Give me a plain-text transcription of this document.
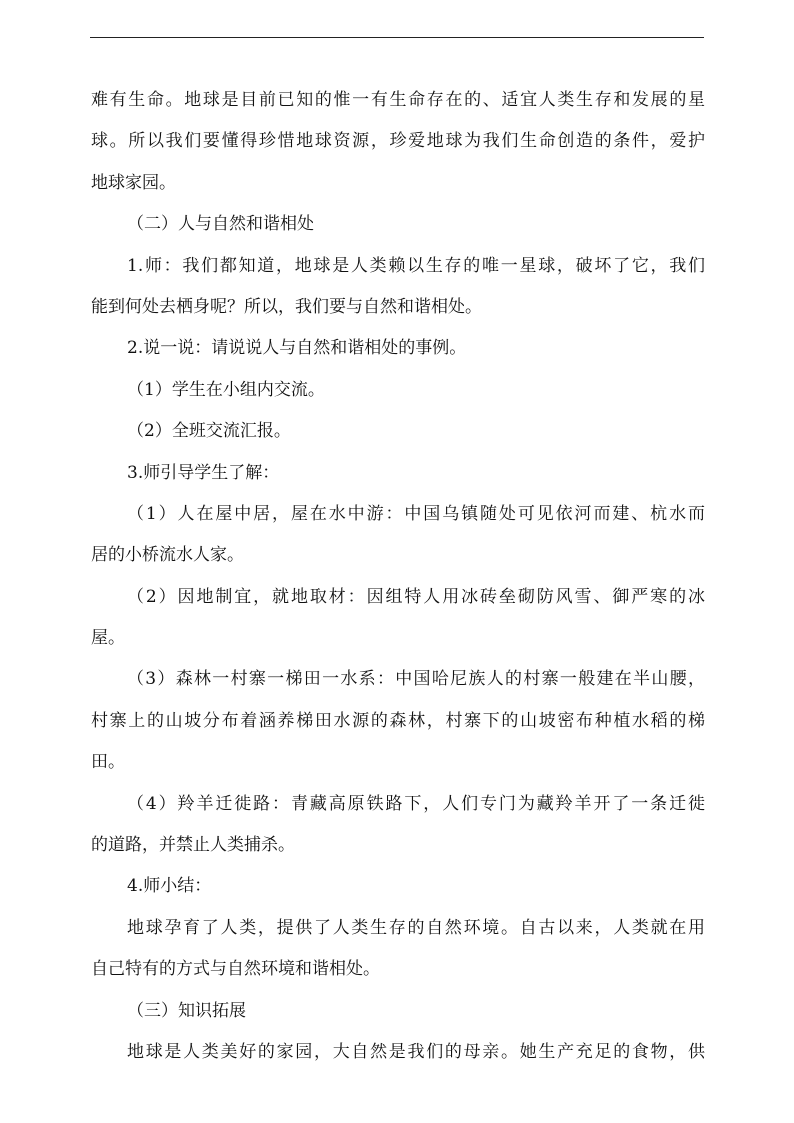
难有生命。地球是目前已知的惟一有生命存在的、适宜人类生存和发展的星
球。所以我们要懂得珍惜地球资源，珍爱地球为我们生命创造的条件，爱护
地球家园。
（二）人与自然和谐相处
1.师：我们都知道，地球是人类赖以生存的唯一星球，破坏了它，我们
能到何处去栖身呢？所以，我们要与自然和谐相处。
2.说一说：请说说人与自然和谐相处的事例。
（1）学生在小组内交流。
（2）全班交流汇报。
3.师引导学生了解：
（1）人在屋中居，屋在水中游：中国乌镇随处可见依河而建、杭水而
居的小桥流水人家。
（2）因地制宜，就地取材：因组特人用冰砖垒砌防风雪、御严寒的冰
屋。
（3）森林一村寨一梯田一水系：中国哈尼族人的村寨一般建在半山腰，
村寨上的山坡分布着涵养梯田水源的森林，村寨下的山坡密布种植水稻的梯
田。
（4）羚羊迁徙路：青藏高原铁路下，人们专门为藏羚羊开了一条迁徙
的道路，并禁止人类捕杀。
4.师小结：
地球孕育了人类，提供了人类生存的自然环境。自古以来，人类就在用
自己特有的方式与自然环境和谐相处。
（三）知识拓展
地球是人类美好的家园，大自然是我们的母亲。她生产充足的食物，供
